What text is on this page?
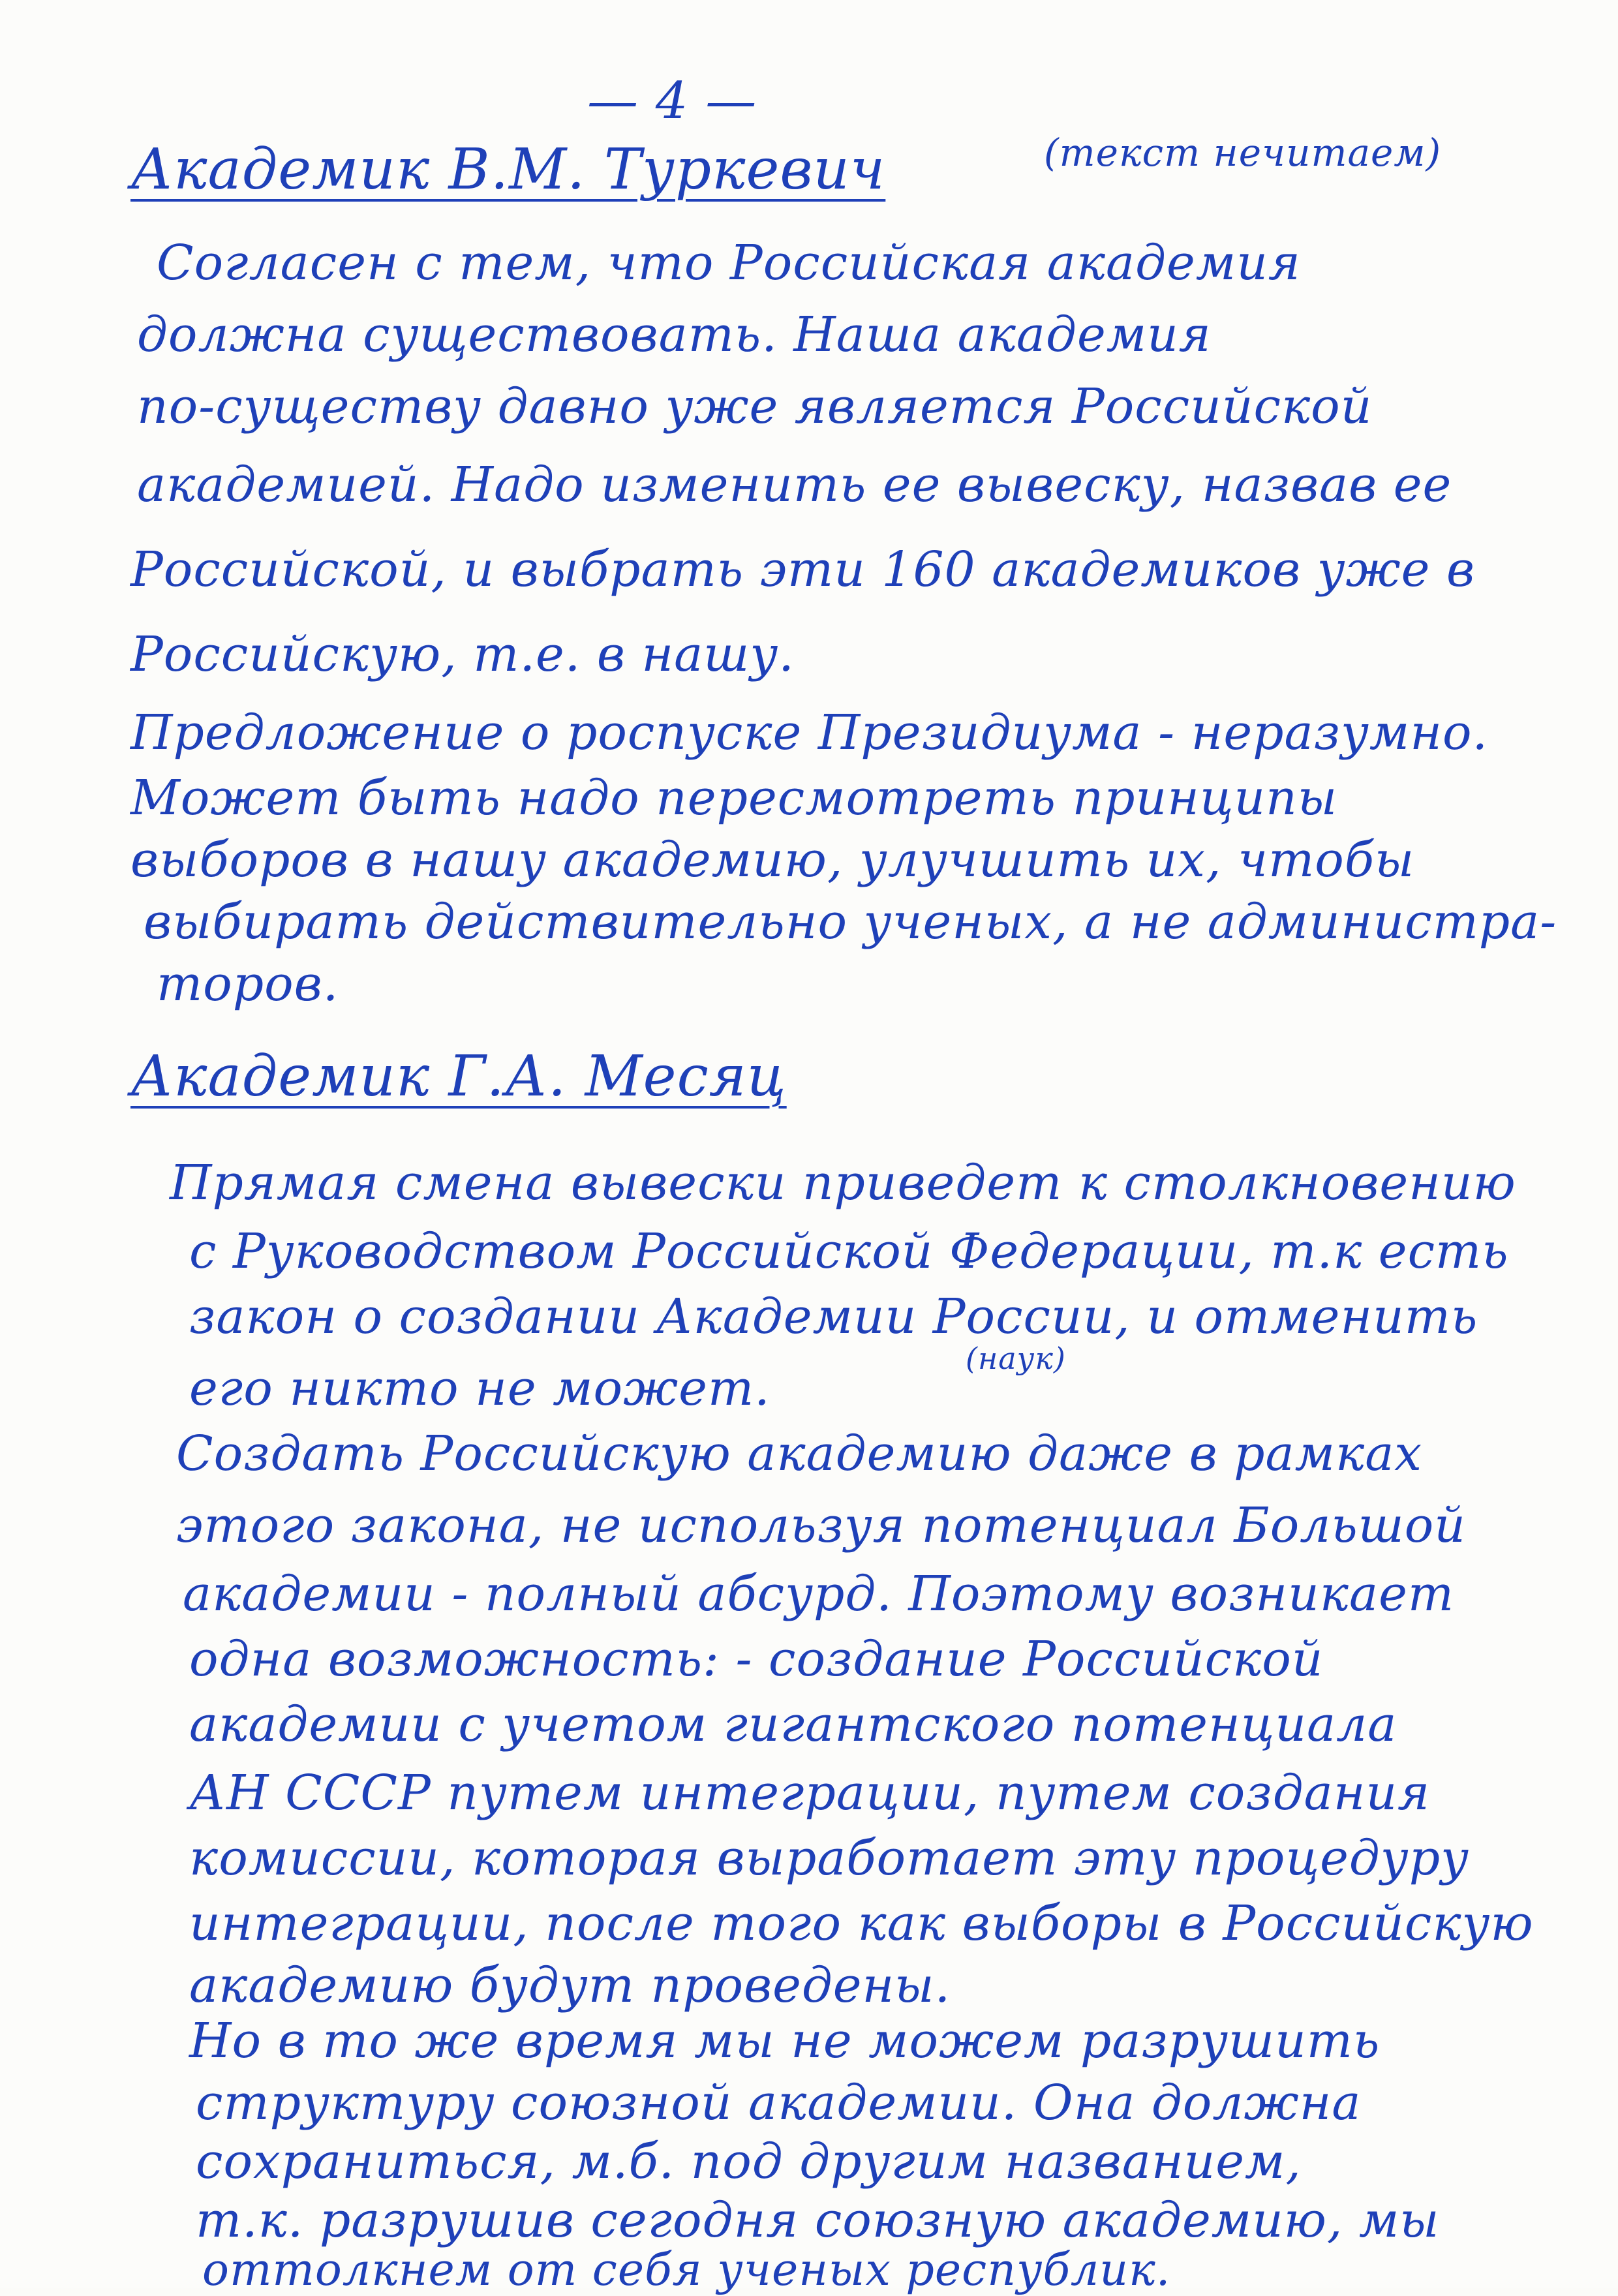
— 4 —
Академик В.М. Туркевич	(текст нечитаем)
Согласен с тем, что Российская академия
должна существовать. Наша академия
по-существу давно уже является Российской
академией. Надо изменить ее вывеску, назвав ее
Российской, и выбрать эти 160 академиков уже в
Российскую, т.е. в нашу.
Предложение о роспуске Президиума - неразумно.
Может быть надо пересмотреть принципы
выборов в нашу академию, улучшить их, чтобы
выбирать действительно ученых, а не администра-
торов.
Академик Г.А. Месяц
Прямая смена вывески приведет к столкновению
с Руководством Российской Федерации, т.к есть
закон о создании Академии России, и отменить
(наук)
его никто не может.
Создать Российскую академию даже в рамках
этого закона, не используя потенциал Большой
академии - полный абсурд. Поэтому возникает
одна возможность: - создание Российской
академии с учетом гигантского потенциала
АН СССР путем интеграции, путем создания
комиссии, которая выработает эту процедуру
интеграции, после того как выборы в Российскую
академию будут проведены.
Но в то же время мы не можем разрушить
структуру союзной академии. Она должна
сохраниться, м.б. под другим названием,
т.к. разрушив сегодня союзную академию, мы
оттолкнем от себя ученых республик.
